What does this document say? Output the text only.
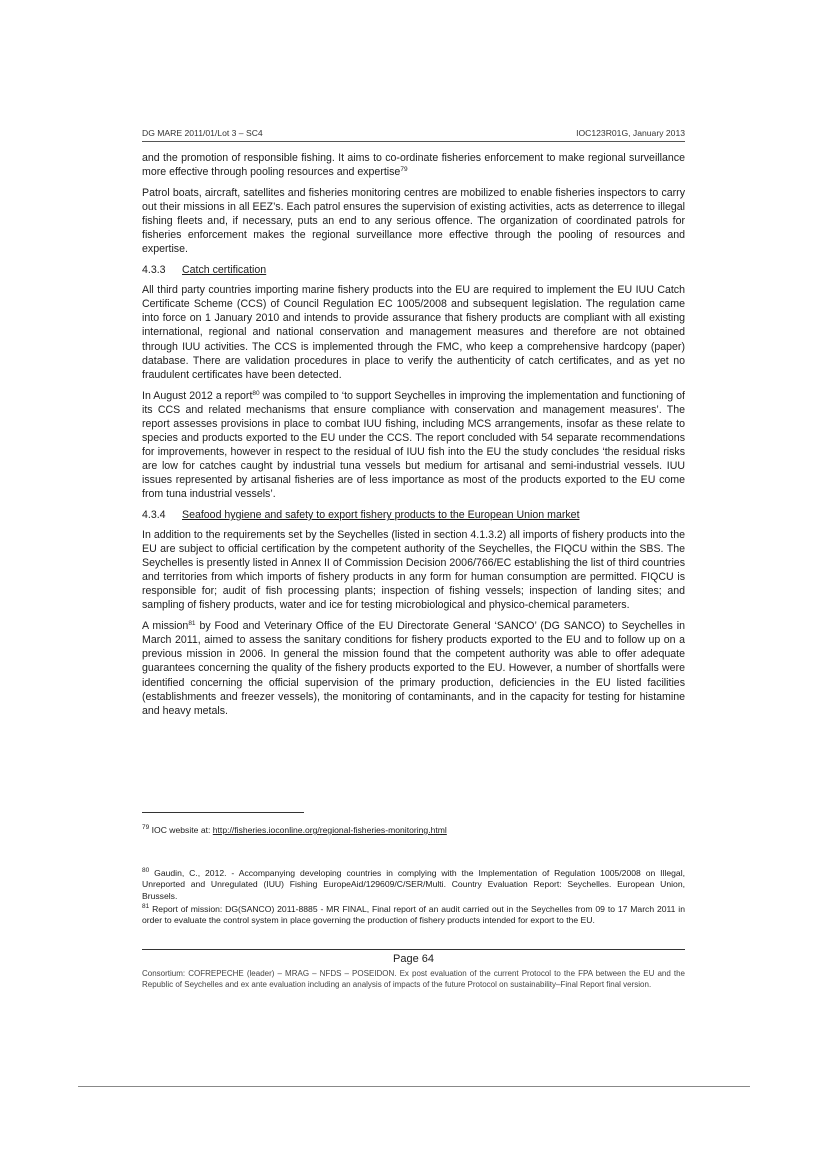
DG MARE 2011/01/Lot 3 – SC4	IOC123R01G, January 2013

and the promotion of responsible fishing. It aims to co-ordinate fisheries enforcement to make regional surveillance more effective through pooling resources and expertise$^{79}$

Patrol boats, aircraft, satellites and fisheries monitoring centres are mobilized to enable fisheries inspectors to carry out their missions in all EEZ’s. Each patrol ensures the supervision of existing activities, acts as deterrence to illegal fishing fleets and, if necessary, puts an end to any serious offence. The organization of coordinated patrols for fisheries enforcement makes the regional surveillance more effective through the pooling of resources and expertise.

4.3.3 Catch certification

All third party countries importing marine fishery products into the EU are required to implement the EU IUU Catch Certificate Scheme (CCS) of Council Regulation EC 1005/2008 and subsequent legislation. The regulation came into force on 1 January 2010 and intends to provide assurance that fishery products are compliant with all existing international, regional and national conservation and management measures and therefore are not obtained through IUU activities. The CCS is implemented through the FMC, who keep a comprehensive hardcopy (paper) database. There are validation procedures in place to verify the authenticity of catch certificates, and as yet no fraudulent certificates have been detected.

In August 2012 a report$^{80}$ was compiled to ‘to support Seychelles in improving the implementation and functioning of its CCS and related mechanisms that ensure compliance with conservation and management measures’. The report assesses provisions in place to combat IUU fishing, including MCS arrangements, insofar as these relate to species and products exported to the EU under the CCS. The report concluded with 54 separate recommendations for improvements, however in respect to the residual of IUU fish into the EU the study concludes ‘the residual risks are low for catches caught by industrial tuna vessels but medium for artisanal and semi-industrial vessels. IUU issues represented by artisanal fisheries are of less importance as most of the products exported to the EU come from tuna industrial vessels’.

4.3.4 Seafood hygiene and safety to export fishery products to the European Union market

In addition to the requirements set by the Seychelles (listed in section 4.1.3.2) all imports of fishery products into the EU are subject to official certification by the competent authority of the Seychelles, the FIQCU within the SBS. The Seychelles is presently listed in Annex II of Commission Decision 2006/766/EC establishing the list of third countries and territories from which imports of fishery products in any form for human consumption are permitted. FIQCU is responsible for; audit of fish processing plants; inspection of fishing vessels; inspection of landing sites; and sampling of fishery products, water and ice for testing microbiological and physico-chemical parameters.

A mission$^{81}$ by Food and Veterinary Office of the EU Directorate General ‘SANCO’ (DG SANCO) to Seychelles in March 2011, aimed to assess the sanitary conditions for fishery products exported to the EU and to follow up on a previous mission in 2006. In general the mission found that the competent authority was able to offer adequate guarantees concerning the quality of the fishery products exported to the EU. However, a number of shortfalls were identified concerning the official supervision of the primary production, deficiencies in the EU listed facilities (establishments and freezer vessels), the monitoring of contaminants, and in the capacity for testing for histamine and heavy metals.

$^{79}$ IOC website at: http://fisheries.ioconline.org/regional-fisheries-monitoring.html
$^{80}$ Gaudin, C., 2012. - Accompanying developing countries in complying with the Implementation of Regulation 1005/2008 on Illegal, Unreported and Unregulated (IUU) Fishing EuropeAid/129609/C/SER/Multi. Country Evaluation Report: Seychelles. European Union, Brussels.
$^{81}$ Report of mission: DG(SANCO) 2011-8885 - MR FINAL, Final report of an audit carried out in the Seychelles from 09 to 17 March 2011 in order to evaluate the control system in place governing the production of fishery products intended for export to the EU.
Page 64
Consortium: COFREPECHE (leader) – MRAG – NFDS – POSEIDON. Ex post evaluation of the current Protocol to the FPA between the EU and the Republic of Seychelles and ex ante evaluation including an analysis of impacts of the future Protocol on sustainability–Final Report final version.
